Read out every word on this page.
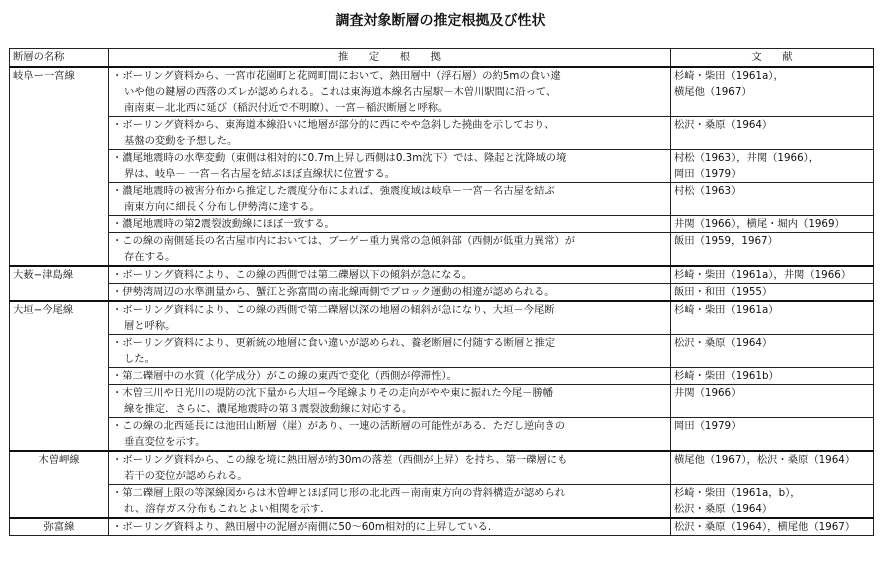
調査対象断層の推定根拠及び性状
断層の名称	推　　定　　根　　拠	文　　献
岐阜ー一宮線	・ボーリング資料から、一宮市花園町と花岡町間において、熱田層中（浮石層）の約5mの食い違
いや他の鍵層の西落のズレが認められる。これは東海道本線名古屋駅－木曽川駅間に沿って、
南南東－北北西に延び（稲沢付近で不明瞭）、一宮－稲沢断層と呼称。	杉崎・柴田（1961a），
横尾他（1967）

	・ボーリング資料から、東海道本線沿いに地層が部分的に西にやや急斜した撓曲を示しており、
基盤の変動を予想した。	松沢・桑原（1964）

	・濃尾地震時の水準変動（東側は相対的に0.7m上昇し西側は0.3m沈下）では、隆起と沈降域の境
界は、岐阜－ 一宮－名古屋を結ぶほぼ直線状に位置する。	村松（1963），井関（1966），
岡田（1979）

	・濃尾地震時の被害分布から推定した震度分布によれば、強震度域は岐阜－一宮－名古屋を結ぶ
南東方向に細長く分布し伊勢湾に達する。	村松（1963）

	・濃尾地震時の第2震裂波動線にほぼ一致する。	井関（1966），横尾・堀内（1969）

	・この線の南側延長の名古屋市内においては、ブーゲー重力異常の急傾斜部（西側が低重力異常）が
存在する。	飯田（1959，1967）

大薮−津島線	・ボーリング資料により、この線の西側では第二礫層以下の傾斜が急になる。	杉崎・柴田（1961a），井関（1966）

	・伊勢湾周辺の水準測量から、蟹江と弥富間の南北線両側でブロック運動の相違が認められる。	飯田・和田（1955）

大垣−今尾線	・ボーリング資料により、この線の西側で第二礫層以深の地層の傾斜が急になり、大垣－今尾断
層と呼称。	杉崎・柴田（1961a）

	・ボーリング資料により、更新統の地層に食い違いが認められ、養老断層に付随する断層と推定
した。	松沢・桑原（1964）

	・第二礫層中の水質（化学成分）がこの線の東西で変化（西側が停滞性）。	杉崎・柴田（1961b）

	・木曽三川や日光川の堤防の沈下量から大垣−今尾線よりその走向がやや東に振れた今尾－勝幡
線を推定．さらに、濃尾地震時の第３震裂波動線に対応する。	井関（1966）

	・この線の北西延長には池田山断層（崖）があり、一連の活断層の可能性がある．ただし逆向きの
垂直変位を示す。	岡田（1979）

木曽岬線	・ボーリング資料から、この線を境に熱田層が約30mの落差（西側が上昇）を持ち、第一礫層にも
若干の変位が認められる。	横尾他（1967），松沢・桑原（1964）

	・第二礫層上限の等深線図からは木曽岬とほぼ同じ形の北北西－南南東方向の背斜構造が認められ
れ、溶存ガス分布もこれとよい相関を示す.	杉崎・柴田（1961a，b），
松沢・桑原（1964）

弥富線	・ボーリング資料より、熱田層中の泥層が南側に50～60m相対的に上昇している.	松沢・桑原（1964），横尾他（1967）
